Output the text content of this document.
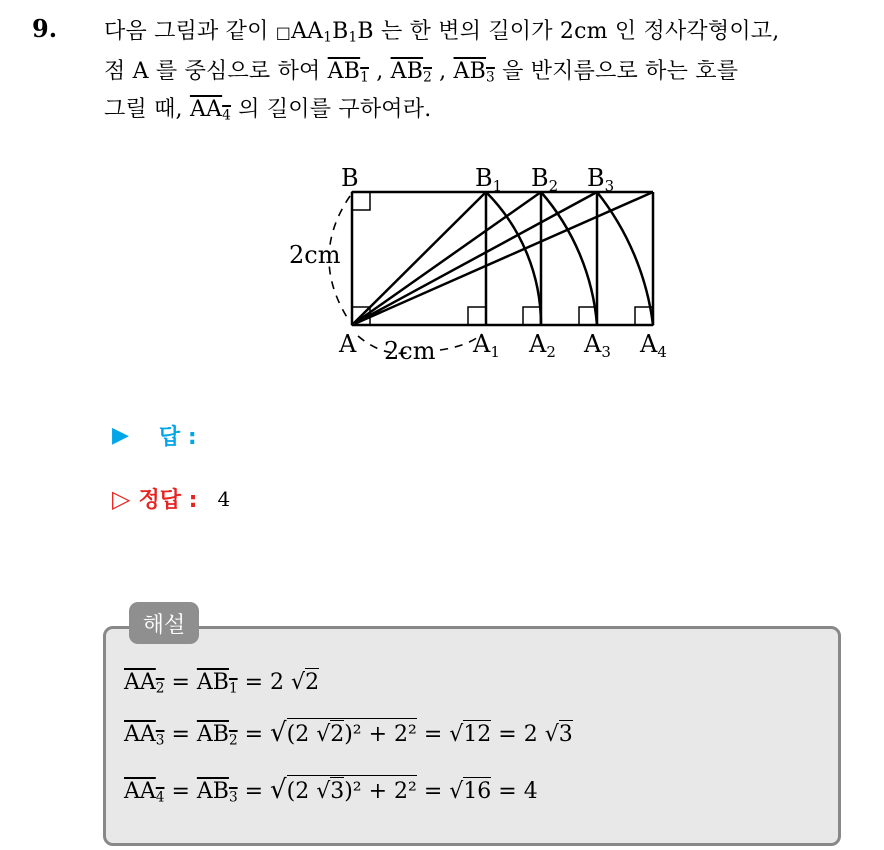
9. 다음 그림과 같이 $□AA_1B_1B$ 는 한 변의 길이가 2cm 인 정사각형이고,
점 A 를 중심으로 하여 $AB_1$ , $AB_2$ , $AB_3$ 을 반지름으로 하는 호를
그릴 때, $AA_4$ 의 길이를 구하여라.
B	$B_1$ $B_2$ $B_3$
A	$A_1$ $A_2$ $A_3$ $A_4$
2cm
2cm
▶ 답 :
▷ 정답 : 4
해설
$AA_2 = AB_1 = 2$ √2
$AA_3 = AB_2 = √(2$ √2)² + 2² = √12 = 2 √3
$AA_4 = AB_3 = √(2$ √3)² + 2² = √16 = 4
